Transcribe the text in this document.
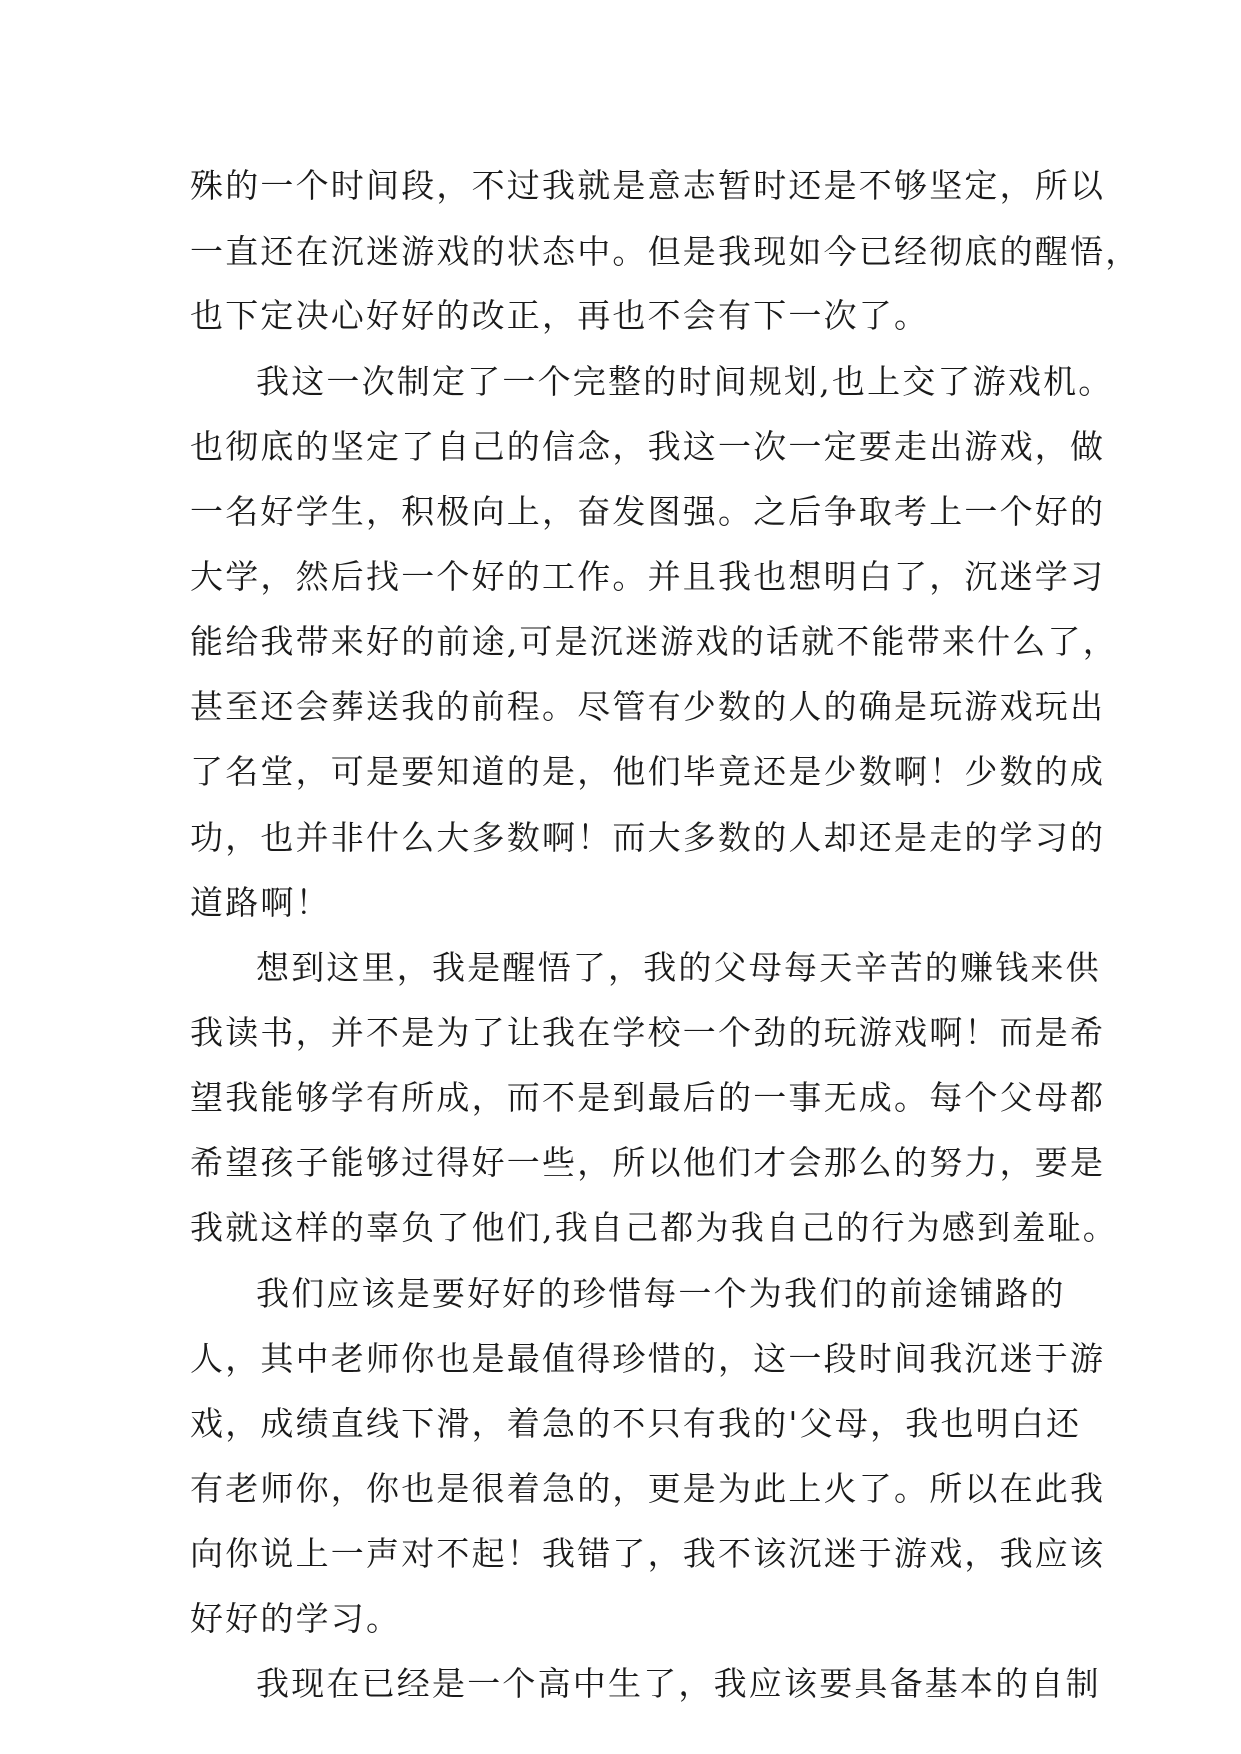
殊的一个时间段，不过我就是意志暂时还是不够坚定，所以
一直还在沉迷游戏的状态中。但是我现如今已经彻底的醒悟，
也下定决心好好的改正，再也不会有下一次了。
我这一次制定了一个完整的时间规划,也上交了游戏机。
也彻底的坚定了自己的信念，我这一次一定要走出游戏，做
一名好学生，积极向上，奋发图强。之后争取考上一个好的
大学，然后找一个好的工作。并且我也想明白了，沉迷学习
能给我带来好的前途,可是沉迷游戏的话就不能带来什么了，
甚至还会葬送我的前程。尽管有少数的人的确是玩游戏玩出
了名堂，可是要知道的是，他们毕竟还是少数啊！少数的成
功，也并非什么大多数啊！而大多数的人却还是走的学习的
道路啊！
想到这里，我是醒悟了，我的父母每天辛苦的赚钱来供
我读书，并不是为了让我在学校一个劲的玩游戏啊！而是希
望我能够学有所成，而不是到最后的一事无成。每个父母都
希望孩子能够过得好一些，所以他们才会那么的努力，要是
我就这样的辜负了他们,我自己都为我自己的行为感到羞耻。
我们应该是要好好的珍惜每一个为我们的前途铺路的
人，其中老师你也是最值得珍惜的，这一段时间我沉迷于游
戏，成绩直线下滑，着急的不只有我的'父母，我也明白还
有老师你，你也是很着急的，更是为此上火了。所以在此我
向你说上一声对不起！我错了，我不该沉迷于游戏，我应该
好好的学习。
我现在已经是一个高中生了，我应该要具备基本的自制
